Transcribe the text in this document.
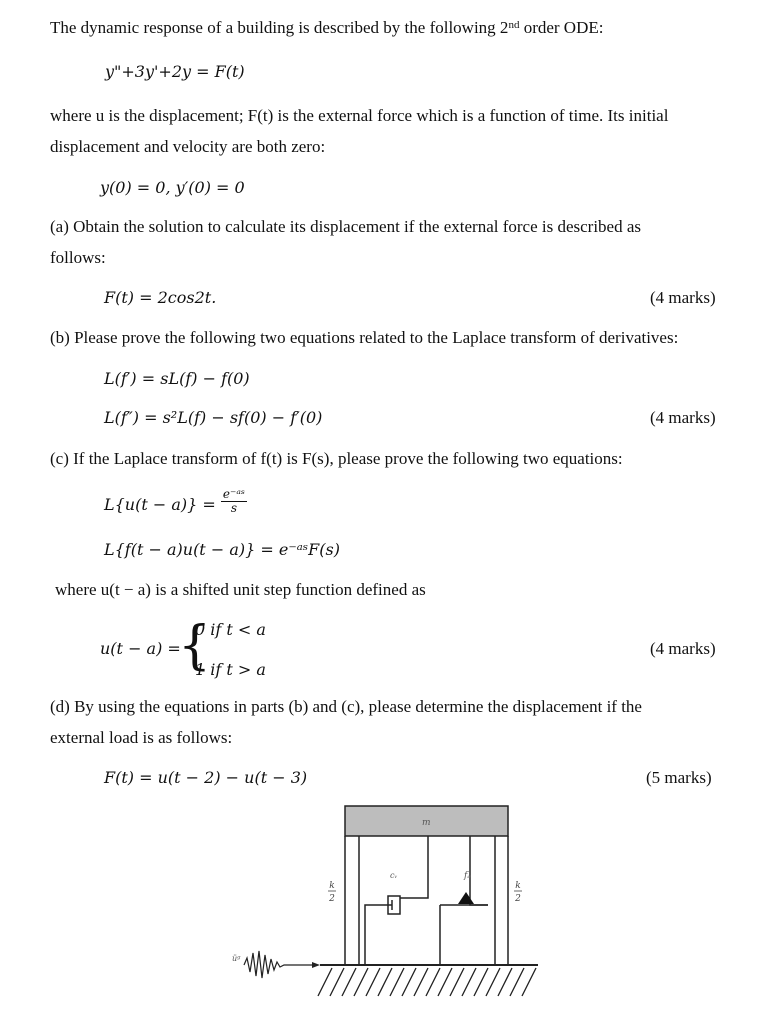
The dynamic response of a building is described by the following 2nd order ODE:
y"+3y'+2y = F(t)
where u is the displacement; F(t) is the external force which is a function of time. Its initial
displacement and velocity are both zero:
y(0) = 0, y′(0) = 0
(a) Obtain the solution to calculate its displacement if the external force is described as
follows:
F(t) = 2cos2t.	(4 marks)
(b) Please prove the following two equations related to the Laplace transform of derivatives:
L(f′) = sL(f) − f(0)
L(f″) = s²L(f) − sf(0) − f′(0)	(4 marks)
(c) If the Laplace transform of f(t) is F(s), please prove the following two equations:
$L\{u(t - a)\} = \frac{\text{e⁻ᵃˢ}}{s}$
L{f(t − a)u(t − a)} = e⁻ᵃˢF(s)
where u(t − a) is a shifted unit step function defined as
u(t − a) =
{
0 if t < a
1 if t > a
(4 marks)
(d) By using the equations in parts (b) and (c), please determine the displacement if the
external load is as follows:
F(t) = u(t − 2) − u(t − 3)	(5 marks)
m
k
2
k
2
cᵥ	fₐ
üᵍ
